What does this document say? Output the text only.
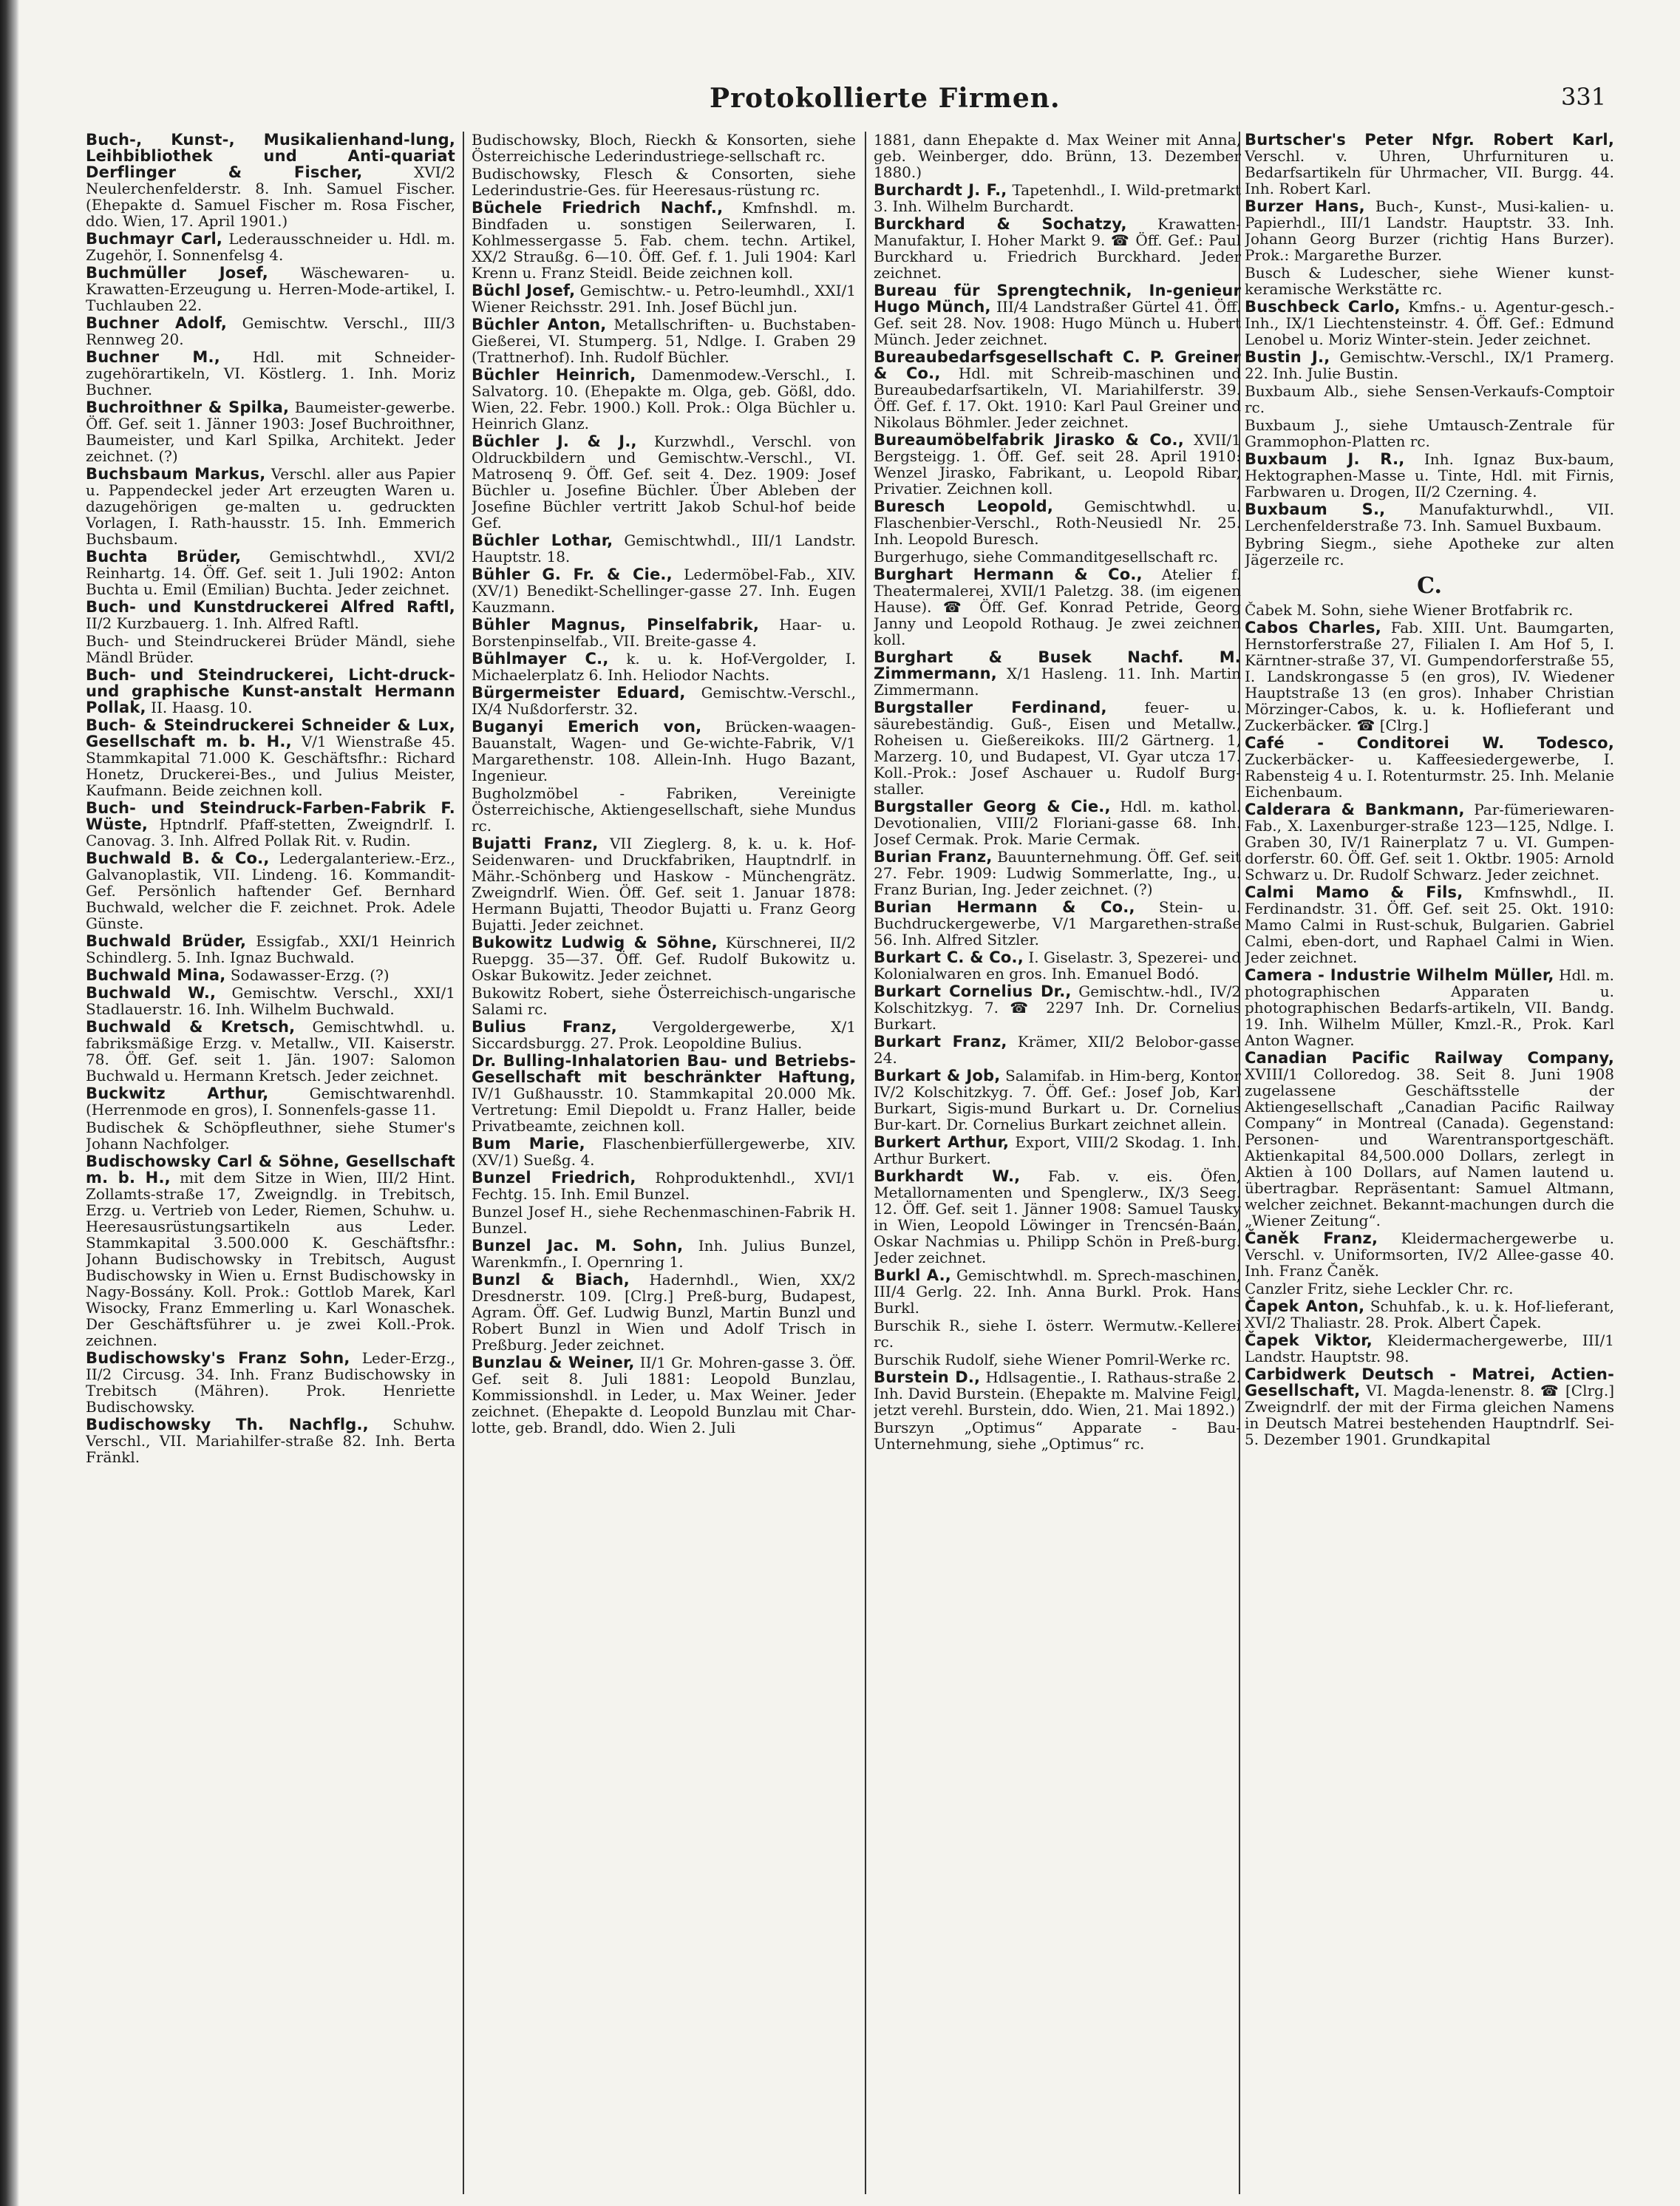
Protokollierte Firmen.	331
Buch-, Kunst-, Musikalienhand-lung, Leihbibliothek und Anti-quariat Derflinger & Fischer,	XVI/2 Neulerchenfelderstr. 8. Inh. Samuel Fischer. (Ehepakte d. Samuel Fischer m. Rosa Fischer, ddo. Wien, 17. April 1901.)
Buchmayr Carl, Lederausschneider u. Hdl. m. Zugehör, I. Sonnenfelsg 4.
Buchmüller Josef, Wäschewaren- u. Krawatten-Erzeugung u. Herren-Mode-artikel, I. Tuchlauben 22.
Buchner Adolf, Gemischtw. Verschl., III/3 Rennweg 20.
Buchner M., Hdl. mit Schneider-zugehörartikeln, VI. Köstlerg. 1. Inh. Moriz Buchner.
Buchroithner & Spilka, Baumeister-gewerbe. Öff. Gef. seit 1. Jänner 1903: Josef Buchroithner, Baumeister, und Karl Spilka, Architekt. Jeder zeichnet. (?)
Buchsbaum Markus, Verschl. aller aus Papier u. Pappendeckel jeder Art erzeugten Waren u. dazugehörigen ge-malten u. gedruckten Vorlagen, I. Rath-hausstr. 15. Inh. Emmerich Buchsbaum.
Buchta Brüder, Gemischtwhdl., XVI/2 Reinhartg. 14. Öff. Gef. seit 1. Juli 1902: Anton Buchta u. Emil (Emilian) Buchta. Jeder zeichnet.
Buch- und Kunstdruckerei Alfred Raftl, II/2 Kurzbauerg. 1. Inh. Alfred Raftl.
Buch- und Steindruckerei Brüder Mändl, siehe Mändl Brüder.
Buch- und Steindruckerei, Licht-druck- und graphische Kunst-anstalt Hermann Pollak, II. Haasg. 10.
Buch- & Steindruckerei Schneider & Lux, Gesellschaft m. b. H., V/1 Wienstraße 45. Stammkapital 71.000 K. Geschäftsfhr.: Richard Honetz, Druckerei-Bes., und Julius Meister, Kaufmann. Beide zeichnen koll.
Buch- und Steindruck-Farben-Fabrik F. Wüste, Hptndrlf. Pfaff-stetten, Zweigndrlf. I. Canovag. 3. Inh. Alfred Pollak Rit. v. Rudin.
Buchwald B. & Co., Ledergalanteriew.-Erz., Galvanoplastik, VII. Lindeng. 16. Kommandit-Gef. Persönlich haftender Gef. Bernhard Buchwald, welcher die F. zeichnet. Prok. Adele Günste.
Buchwald Brüder, Essigfab., XXI/1 Heinrich Schindlerg. 5. Inh. Ignaz Buchwald.
Buchwald Mina, Sodawasser-Erzg. (?)
Buchwald W., Gemischtw. Verschl., XXI/1 Stadlauerstr. 16. Inh. Wilhelm Buchwald.
Buchwald & Kretsch, Gemischtwhdl. u. fabriksmäßige Erzg. v. Metallw., VII. Kaiserstr. 78. Öff. Gef. seit 1. Jän. 1907: Salomon Buchwald u. Hermann Kretsch. Jeder zeichnet.
Buckwitz Arthur,	Gemischtwarenhdl. (Herrenmode en gros), I. Sonnenfels-gasse 11.
Budischek & Schöpfleuthner, siehe Stumer's Johann Nachfolger.
Budischowsky Carl & Söhne, Gesellschaft m. b. H., mit dem Sitze in Wien, III/2 Hint. Zollamts-straße 17, Zweigndlg. in Trebitsch, Erzg. u. Vertrieb von Leder, Riemen, Schuhw. u. Heeresausrüstungsartikeln aus Leder. Stammkapital 3.500.000 K. Geschäftsfhr.: Johann Budischowsky in Trebitsch, August Budischowsky in Wien u. Ernst Budischowsky in Nagy-Bossány. Koll. Prok.: Gottlob Marek, Karl Wisocky, Franz Emmerling u. Karl Wonaschek. Der Geschäftsführer u. je zwei Koll.-Prok. zeichnen.
Budischowsky's Franz Sohn, Leder-Erzg., II/2 Circusg. 34. Inh. Franz Budischowsky in Trebitsch (Mähren). Prok. Henriette Budischowsky.
Budischowsky Th. Nachflg., Schuhw. Verschl., VII. Mariahilfer-straße 82. Inh. Berta Fränkl.
Budischowsky, Bloch, Rieckh & Konsorten, siehe Österreichische Lederindustriege-sellschaft rc.
Budischowsky, Flesch & Consorten, siehe Lederindustrie-Ges. für Heeresaus-rüstung rc.
Büchele Friedrich Nachf., Kmfnshdl. m. Bindfaden u. sonstigen Seilerwaren, I. Kohlmessergasse 5. Fab. chem. techn. Artikel, XX/2 Straußg. 6—10. Öff. Gef. f. 1. Juli 1904: Karl Krenn u. Franz Steidl. Beide zeichnen koll.
Büchl Josef, Gemischtw.- u. Petro-leumhdl., XXI/1 Wiener Reichsstr. 291. Inh. Josef Büchl jun.
Büchler Anton, Metallschriften- u. Buchstaben-Gießerei, VI. Stumperg. 51, Ndlge. I. Graben 29 (Trattnerhof). Inh. Rudolf Büchler.
Büchler Heinrich, Damenmodew.-Verschl., I. Salvatorg. 10. (Ehepakte m. Olga, geb. Gößl, ddo. Wien, 22. Febr. 1900.) Koll. Prok.: Olga Büchler u. Heinrich Glanz.
Büchler J. & J., Kurzwhdl., Verschl. von Oldruckbildern und Gemischtw.-Verschl., VI. Matrosenq 9. Öff. Gef. seit 4. Dez. 1909: Josef Büchler u. Josefine Büchler. Über Ableben der Josefine Büchler vertritt Jakob Schul-hof beide Gef.
Büchler Lothar, Gemischtwhdl., III/1 Landstr. Hauptstr. 18.
Bühler G. Fr. & Cie., Ledermöbel-Fab., XIV. (XV/1) Benedikt-Schellinger-gasse 27. Inh. Eugen Kauzmann.
Bühler Magnus, Pinselfabrik, Haar- u. Borstenpinselfab., VII. Breite-gasse 4.
Bühlmayer C., k. u. k. Hof-Vergolder, I. Michaelerplatz 6. Inh. Heliodor Nachts.
Bürgermeister Eduard, Gemischtw.-Verschl., IX/4 Nußdorferstr. 32.
Buganyi Emerich von, Brücken-waagen-Bauanstalt, Wagen- und Ge-wichte-Fabrik, V/1 Margarethenstr. 108. Allein-Inh. Hugo Bazant, Ingenieur.
Bugholzmöbel - Fabriken, Vereinigte Österreichische, Aktiengesellschaft, siehe Mundus rc.
Bujatti Franz, VII Zieglerg. 8, k. u. k. Hof-Seidenwaren- und Druckfabriken, Hauptndrlf. in Mähr.-Schönberg und Haskow - Münchengrätz. Zweigndrlf. Wien. Öff. Gef. seit 1. Januar 1878: Hermann Bujatti, Theodor Bujatti u. Franz Georg Bujatti. Jeder zeichnet.
Bukowitz Ludwig & Söhne, Kürschnerei, II/2 Ruepgg. 35—37. Öff. Gef. Rudolf Bukowitz u. Oskar Bukowitz. Jeder zeichnet.
Bukowitz Robert, siehe Österreichisch-ungarische Salami rc.
Bulius Franz, Vergoldergewerbe, X/1 Siccardsburgg. 27. Prok. Leopoldine Bulius.
Dr. Bulling-Inhalatorien Bau- und Betriebs-Gesellschaft mit beschränkter Haftung, IV/1 Gußhausstr. 10. Stammkapital 20.000 Mk. Vertretung: Emil Diepoldt u. Franz Haller, beide Privatbeamte, zeichnen koll.
Bum Marie, Flaschenbierfüllergewerbe, XIV. (XV/1) Sueßg. 4.
Bunzel Friedrich, Rohproduktenhdl., XVI/1 Fechtg. 15. Inh. Emil Bunzel.
Bunzel Josef H., siehe Rechenmaschinen-Fabrik H. Bunzel.
Bunzel Jac. M. Sohn, Inh. Julius Bunzel, Warenkmfn., I. Opernring 1.
Bunzl & Biach, Hadernhdl., Wien, XX/2 Dresdnerstr. 109. [Clrg.] Preß-burg, Budapest, Agram. Öff. Gef. Ludwig Bunzl, Martin Bunzl und Robert Bunzl in Wien und Adolf Trisch in Preßburg. Jeder zeichnet.
Bunzlau & Weiner, II/1 Gr. Mohren-gasse 3. Öff. Gef. seit 8. Juli 1881: Leopold Bunzlau, Kommissionshdl. in Leder, u. Max Weiner. Jeder zeichnet. (Ehepakte d. Leopold Bunzlau mit Char-lotte, geb. Brandl, ddo. Wien 2. Juli
1881, dann Ehepakte d. Max Weiner mit Anna, geb. Weinberger, ddo. Brünn, 13. Dezember 1880.)
Burchardt J. F., Tapetenhdl., I. Wild-pretmarkt 3. Inh. Wilhelm Burchardt.
Burckhard & Sochatzy, Krawatten-Manufaktur, I. Hoher Markt 9. ☎ Öff. Gef.: Paul Burckhard u. Friedrich Burckhard. Jeder zeichnet.
Bureau für Sprengtechnik, In-genieur Hugo Münch, III/4 Landstraßer Gürtel 41. Öff. Gef. seit 28. Nov. 1908: Hugo Münch u. Hubert Münch. Jeder zeichnet.
Bureaubedarfsgesellschaft C. P. Greiner & Co., Hdl. mit Schreib-maschinen und Bureaubedarfsartikeln, VI. Mariahilferstr. 39. Öff. Gef. f. 17. Okt. 1910: Karl Paul Greiner und Nikolaus Böhmler. Jeder zeichnet.
Bureaumöbelfabrik Jirasko & Co., XVII/1 Bergsteigg. 1. Öff. Gef. seit 28. April 1910: Wenzel Jirasko, Fabrikant, u. Leopold Ribar, Privatier. Zeichnen koll.
Buresch Leopold, Gemischtwhdl. u. Flaschenbier-Verschl., Roth-Neusiedl Nr. 25. Inh. Leopold Buresch.
Burgerhugo, siehe Commanditgesellschaft rc.
Burghart Hermann & Co., Atelier f. Theatermalerei, XVII/1 Paletzg. 38. (im eigenen Hause). ☎ Öff. Gef. Konrad Petride, Georg Janny und Leopold Rothaug. Je zwei zeichnen koll.
Burghart & Busek Nachf. M. Zimmermann, X/1 Hasleng. 11. Inh. Martin Zimmermann.
Burgstaller Ferdinand,	feuer- u. säurebeständig. Guß-, Eisen und Metallw., Roheisen u. Gießereikoks. III/2 Gärtnerg. 1, Marzerg. 10, und Budapest, VI. Gyar utcza 17. Koll.-Prok.: Josef Aschauer u. Rudolf Burg-staller.
Burgstaller Georg & Cie., Hdl. m. kathol. Devotionalien, VIII/2 Floriani-gasse 68. Inh. Josef Cermak. Prok. Marie Cermak.
Burian Franz, Bauunternehmung. Öff. Gef. seit 27. Febr. 1909: Ludwig Sommerlatte, Ing., u. Franz Burian, Ing. Jeder zeichnet. (?)
Burian Hermann & Co., Stein- u. Buchdruckergewerbe, V/1 Margarethen-straße 56. Inh. Alfred Sitzler.
Burkart C. & Co., I. Giselastr. 3, Spezerei- und Kolonialwaren en gros. Inh. Emanuel Bodó.
Burkart Cornelius Dr., Gemischtw.-hdl., IV/2 Kolschitzkyg. 7. ☎ 2297 Inh. Dr. Cornelius Burkart.
Burkart Franz, Krämer, XII/2 Belobor-gasse 24.
Burkart & Job, Salamifab. in Him-berg, Kontor IV/2 Kolschitzkyg. 7. Öff. Gef.: Josef Job, Karl Burkart, Sigis-mund Burkart u. Dr. Cornelius Bur-kart. Dr. Cornelius Burkart zeichnet allein.
Burkert Arthur, Export, VIII/2 Skodag. 1. Inh. Arthur Burkert.
Burkhardt W., Fab. v. eis. Öfen, Metallornamenten und Spenglerw., IX/3 Seeg. 12. Öff. Gef. seit 1. Jänner 1908: Samuel Tausky in Wien, Leopold Löwinger in Trencsén-Baán, Oskar Nachmias u. Philipp Schön in Preß-burg. Jeder zeichnet.
Burkl A., Gemischtwhdl. m. Sprech-maschinen, III/4 Gerlg. 22. Inh. Anna Burkl. Prok. Hans Burkl.
Burschik R., siehe I. österr. Wermutw.-Kellerei rc.
Burschik Rudolf, siehe Wiener Pomril-Werke rc.
Burstein D., Hdlsagentie., I. Rathaus-straße 2. Inh. David Burstein. (Ehepakte m. Malvine Feigl, jetzt verehl. Burstein, ddo. Wien, 21. Mai 1892.)
Burszyn „Optimus“ Apparate - Bau-Unternehmung, siehe „Optimus“ rc.
Burtscher's Peter Nfgr. Robert Karl, Verschl. v. Uhren, Uhrfurnituren u. Bedarfsartikeln für Uhrmacher, VII. Burgg. 44. Inh. Robert Karl.
Burzer Hans, Buch-, Kunst-, Musi-kalien- u. Papierhdl., III/1 Landstr. Hauptstr. 33. Inh. Johann Georg Burzer (richtig Hans Burzer). Prok.: Margarethe Burzer.
Busch & Ludescher, siehe Wiener kunst-keramische Werkstätte rc.
Buschbeck Carlo, Kmfns.- u. Agentur-gesch.-Inh., IX/1 Liechtensteinstr. 4. Öff. Gef.: Edmund Lenobel u. Moriz Winter-stein. Jeder zeichnet.
Bustin J., Gemischtw.-Verschl., IX/1 Pramerg. 22. Inh. Julie Bustin.
Buxbaum Alb., siehe Sensen-Verkaufs-Comptoir rc.
Buxbaum J., siehe Umtausch-Zentrale für Grammophon-Platten rc.
Buxbaum J. R., Inh. Ignaz Bux-baum, Hektographen-Masse u. Tinte, Hdl. mit Firnis, Farbwaren u. Drogen, II/2 Czerning. 4.
Buxbaum S., Manufakturwhdl., VII. Lerchenfelderstraße 73. Inh. Samuel Buxbaum.
Bybring Siegm., siehe Apotheke zur alten Jägerzeile rc.
C.
Čabek M. Sohn, siehe Wiener Brotfabrik rc.
Cabos Charles, Fab. XIII. Unt. Baumgarten, Hernstorferstraße 27, Filialen I. Am Hof 5, I. Kärntner-straße 37, VI. Gumpendorferstraße 55, I. Landskrongasse 5 (en gros), IV. Wiedener Hauptstraße 13 (en gros). Inhaber Christian Mörzinger-Cabos, k. u. k. Hoflieferant und Zuckerbäcker. ☎ [Clrg.]
Café - Conditorei W. Todesco, Zuckerbäcker- u. Kaffeesiedergewerbe, I. Rabensteig 4 u. I. Rotenturmstr. 25. Inh. Melanie Eichenbaum.
Calderara & Bankmann, Par-fümeriewaren-Fab., X. Laxenburger-straße 123—125, Ndlge. I. Graben 30, IV/1 Rainerplatz 7 u. VI. Gumpen-dorferstr. 60. Öff. Gef. seit 1. Oktbr. 1905: Arnold Schwarz u. Dr. Rudolf Schwarz. Jeder zeichnet.
Calmi Mamo & Fils, Kmfnswhdl., II. Ferdinandstr. 31. Öff. Gef. seit 25. Okt. 1910: Mamo Calmi in Rust-schuk, Bulgarien. Gabriel Calmi, eben-dort, und Raphael Calmi in Wien. Jeder zeichnet.
Camera - Industrie Wilhelm Müller, Hdl. m. photographischen Apparaten u. photographischen Bedarfs-artikeln, VII. Bandg. 19. Inh. Wilhelm Müller, Kmzl.-R., Prok. Karl Anton Wagner.
Canadian Pacific Railway Company, XVIII/1 Colloredog. 38. Seit 8. Juni 1908 zugelassene Geschäftsstelle der Aktiengesellschaft „Canadian Pacific Railway Company“ in Montreal (Canada). Gegenstand: Personen- und Warentransportgeschäft. Aktienkapital 84,500.000 Dollars, zerlegt in Aktien à 100 Dollars, auf Namen lautend u. übertragbar. Repräsentant: Samuel Altmann, welcher zeichnet. Bekannt-machungen durch die „Wiener Zeitung“.
Čaněk Franz, Kleidermachergewerbe u. Verschl. v. Uniformsorten, IV/2 Allee-gasse 40. Inh. Franz Čaněk.
Canzler Fritz, siehe Leckler Chr. rc.
Čapek Anton, Schuhfab., k. u. k. Hof-lieferant, XVI/2 Thaliastr. 28. Prok. Albert Čapek.
Čapek Viktor, Kleidermachergewerbe, III/1 Landstr. Hauptstr. 98.
Carbidwerk Deutsch - Matrei, Actien-Gesellschaft, VI. Magda-lenenstr. 8. ☎ [Clrg.] Zweigndrlf. der mit der Firma gleichen Namens in Deutsch Matrei bestehenden Hauptndrlf. Sei-5. Dezember 1901. Grundkapital
